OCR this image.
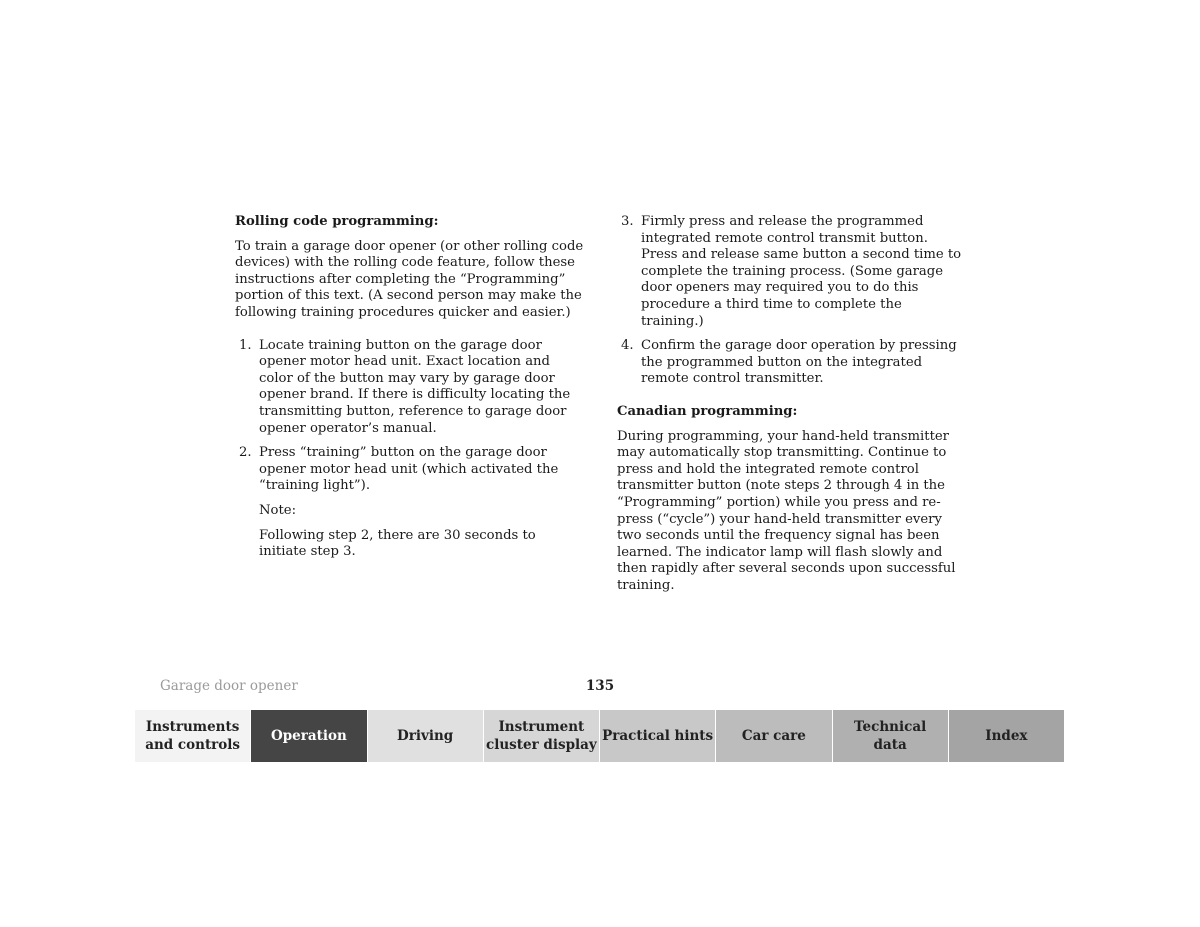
Rolling code programming:

To train a garage door opener (or other rolling code devices) with the rolling code feature, follow these instructions after completing the “Programming” portion of this text. (A second person may make the following training procedures quicker and easier.)

1. Locate training button on the garage door opener motor head unit. Exact location and color of the button may vary by garage door opener brand. If there is difficulty locating the transmitting button, reference to garage door opener operator’s manual.
2. Press “training” button on the garage door opener motor head unit (which activated the “training light”).
Note:
Following step 2, there are 30 seconds to initiate step 3.
3. Firmly press and release the programmed integrated remote control transmit button. Press and release same button a second time to complete the training process. (Some garage door openers may required you to do this procedure a third time to complete the training.)
4. Confirm the garage door operation by pressing the programmed button on the integrated remote control transmitter.
Canadian programming:

During programming, your hand-held transmitter may automatically stop transmitting. Continue to press and hold the integrated remote control transmitter button (note steps 2 through 4 in the “Programming” portion) while you press and re-press (“cycle”) your hand-held transmitter every two seconds until the frequency signal has been learned. The indicator lamp will flash slowly and then rapidly after several seconds upon successful training.

Garage door opener	135
Instruments
and controls
Operation	Driving
Instrument
cluster display
Practical hints	Car care
Technical
data
Index
